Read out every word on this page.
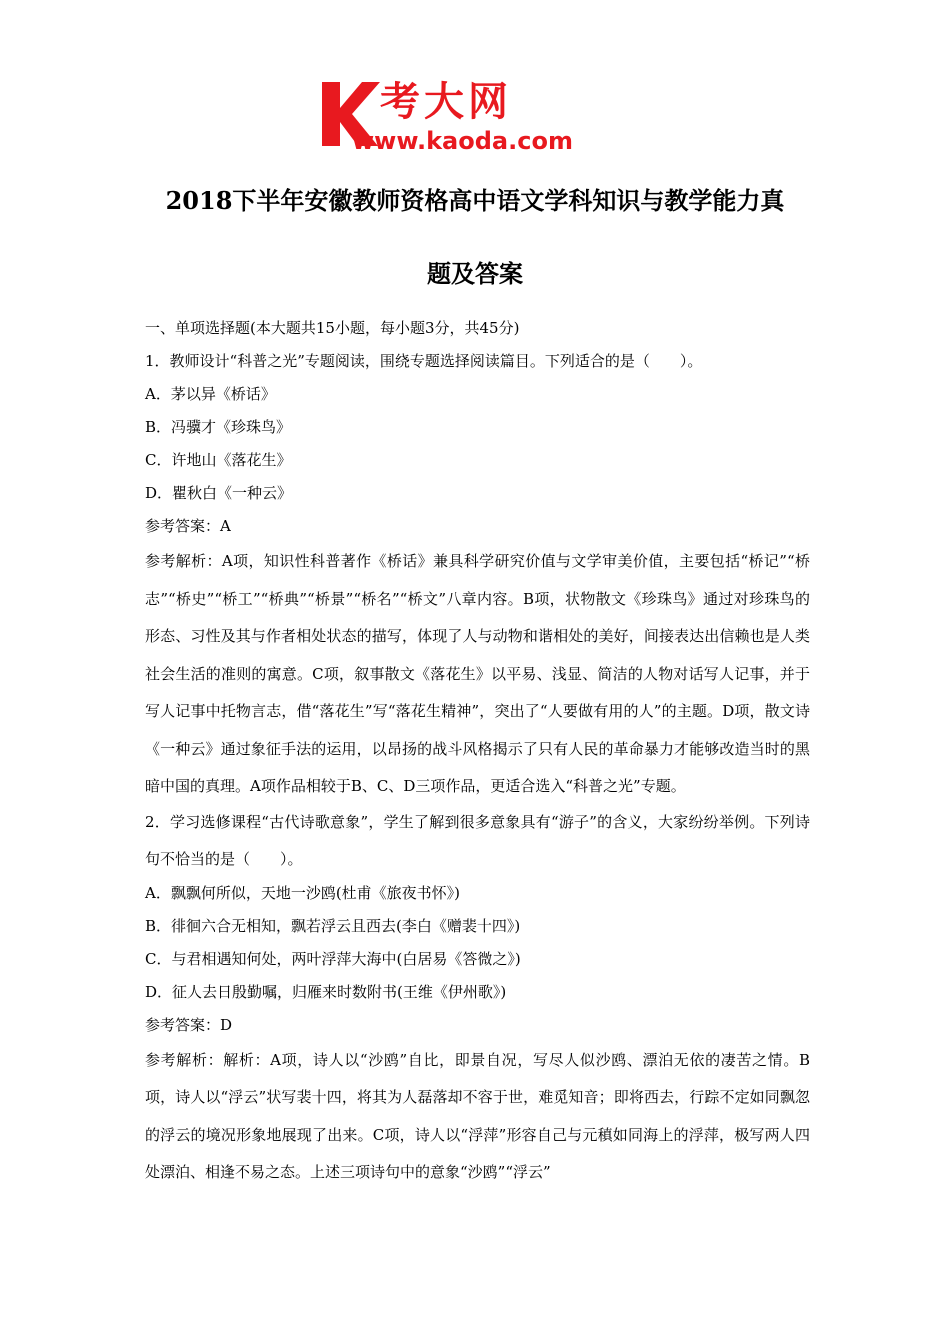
考大网
www.kaoda.com
2018下半年安徽教师资格高中语文学科知识与教学能力真
题及答案
一、单项选择题(本大题共15小题，每小题3分，共45分)
1．教师设计“科普之光”专题阅读，围绕专题选择阅读篇目。下列适合的是（　　）。
A．茅以异《桥话》
B．冯骥才《珍珠鸟》
C．许地山《落花生》
D．瞿秋白《一种云》
参考答案：A
参考解析：A项，知识性科普著作《桥话》兼具科学研究价值与文学审美价值，主要包括“桥记”“桥志”“桥史”“桥工”“桥典”“桥景”“桥名”“桥文”八章内容。B项，状物散文《珍珠鸟》通过对珍珠鸟的形态、习性及其与作者相处状态的描写，体现了人与动物和谐相处的美好，间接表达出信赖也是人类社会生活的准则的寓意。C项，叙事散文《落花生》以平易、浅显、简洁的人物对话写人记事，并于写人记事中托物言志，借“落花生”写“落花生精神”，突出了“人要做有用的人”的主题。D项，散文诗《一种云》通过象征手法的运用，以昂扬的战斗风格揭示了只有人民的革命暴力才能够改造当时的黑暗中国的真理。A项作品相较于B、C、D三项作品，更适合选入“科普之光”专题。
2．学习选修课程“古代诗歌意象”，学生了解到很多意象具有“游子”的含义，大家纷纷举例。下列诗句不恰当的是（　　）。
A．飘飘何所似，天地一沙鸥(杜甫《旅夜书怀》)
B．徘徊六合无相知，飘若浮云且西去(李白《赠裴十四》)
C．与君相遇知何处，两叶浮萍大海中(白居易《答微之》)
D．征人去日殷勤嘱，归雁来时数附书(王维《伊州歌》)
参考答案：D
参考解析：解析：A项，诗人以“沙鸥”自比，即景自况，写尽人似沙鸥、漂泊无依的凄苦之情。B项，诗人以“浮云”状写裴十四，将其为人磊落却不容于世，难觅知音；即将西去，行踪不定如同飘忽的浮云的境况形象地展现了出来。C项，诗人以“浮萍”形容自己与元稹如同海上的浮萍，极写两人四处漂泊、相逢不易之态。上述三项诗句中的意象“沙鸥”“浮云”
